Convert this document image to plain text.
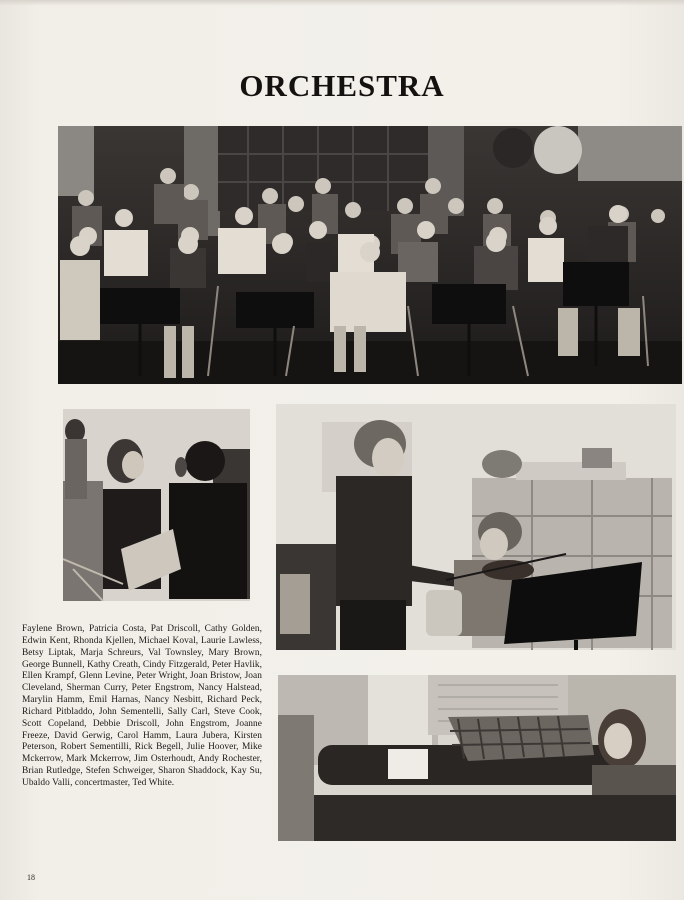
ORCHESTRA
Faylene Brown, Patricia Costa, Pat Driscoll, Cathy Golden, Edwin Kent, Rhonda Kjellen, Michael Koval, Laurie Lawless, Betsy Liptak, Marja Schreurs, Val Townsley, Mary Brown, George Bunnell, Kathy Creath, Cindy Fitzgerald, Peter Havlik, Ellen Krampf, Glenn Levine, Peter Wright, Joan Bristow, Joan Cleveland, Sherman Curry, Peter Engstrom, Nancy Halstead, Marylin Hamm, Emil Harnas, Nancy Nesbitt, Richard Peck, Richard Pitbladdo, John Sementelli, Sally Carl, Steve Cook, Scott Copeland, Debbie Driscoll, John Engstrom, Joanne Freeze, David Gerwig, Carol Hamm, Laura Jubera, Kirsten Peterson, Robert Sementilli, Rick Begell, Julie Hoover, Mike Mckerrow, Mark Mckerrow, Jim Osterhoudt, Andy Rochester, Brian Rutledge, Stefen Schweiger, Sharon Shaddock, Kay Su, Ubaldo Valli, concertmaster, Ted White.
18
